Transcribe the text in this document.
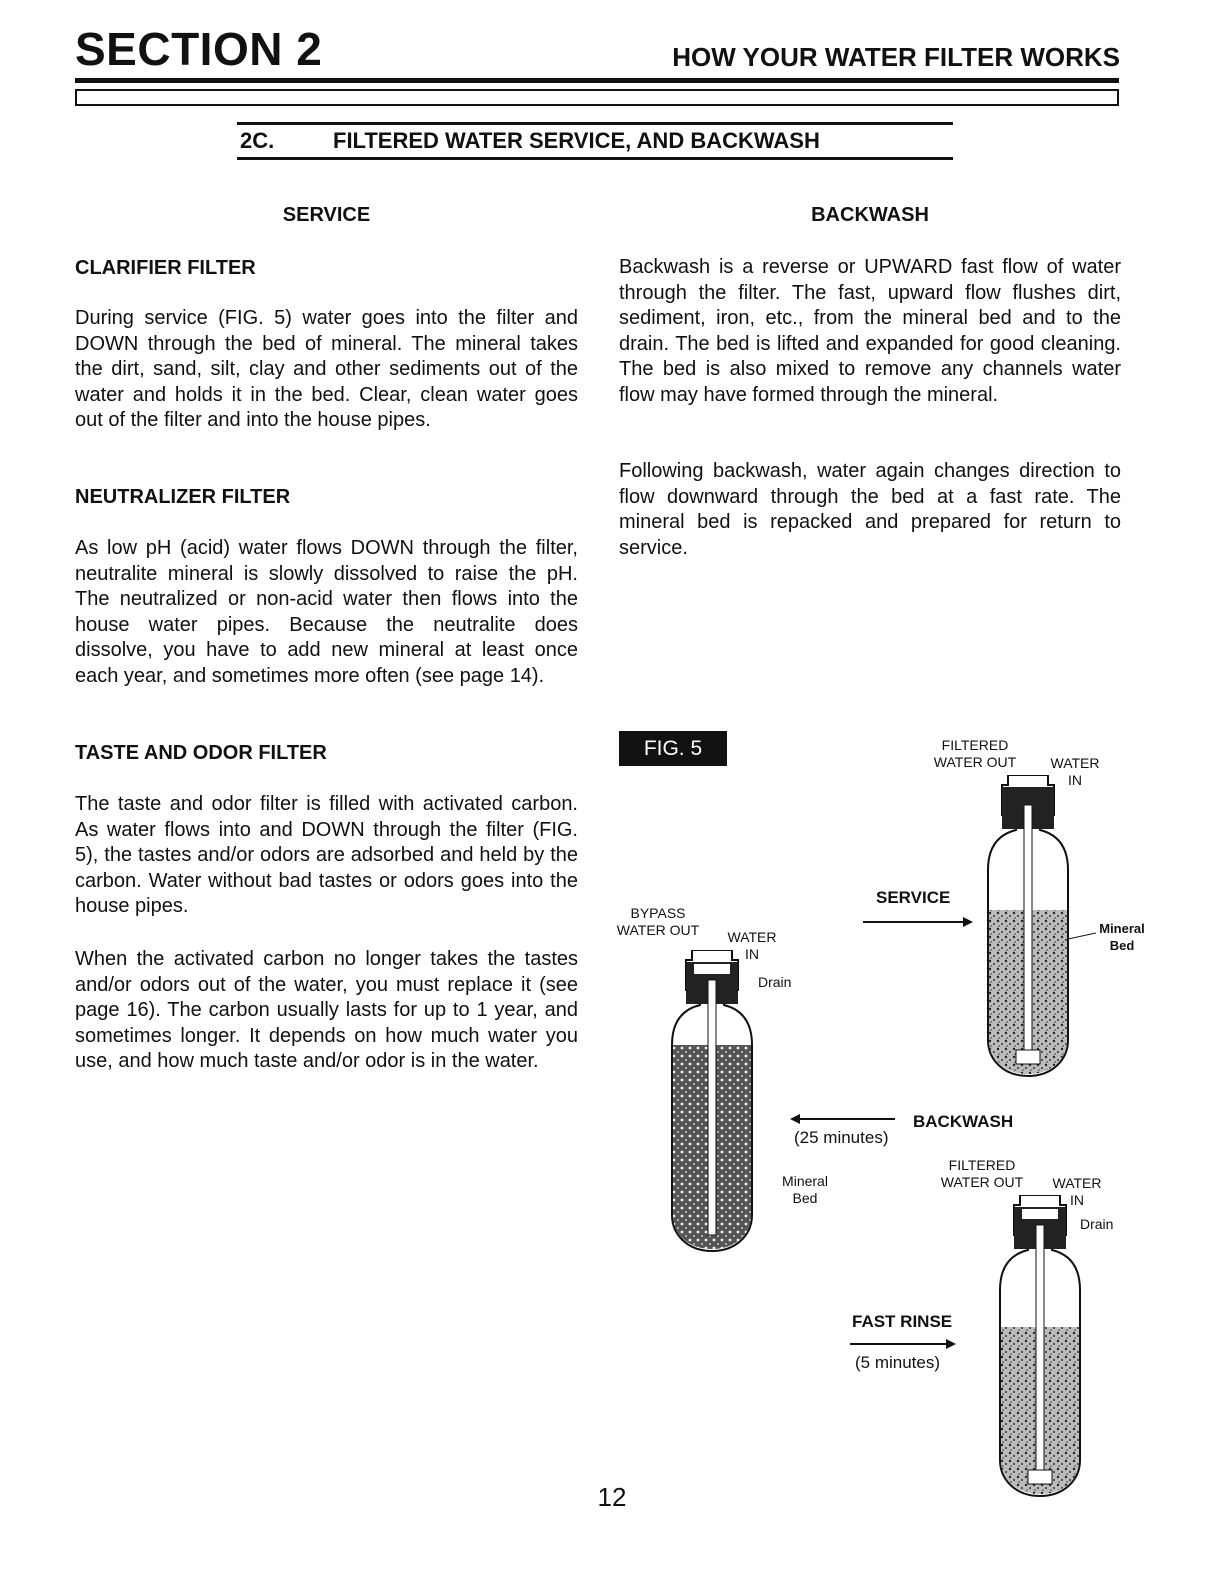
SECTION 2	HOW YOUR WATER FILTER WORKS
2C.	FILTERED WATER SERVICE, AND BACKWASH
SERVICE	BACKWASH
CLARIFIER FILTER
During service (FIG. 5) water goes into the filter and DOWN through the bed of mineral. The mineral takes the dirt, sand, silt, clay and other sediments out of the water and holds it in the bed. Clear, clean water goes out of the filter and into the house pipes.
NEUTRALIZER FILTER
As low pH (acid) water flows DOWN through the filter, neutralite mineral is slowly dissolved to raise the pH. The neutralized or non-acid water then flows into the house water pipes. Because the neutralite does dissolve, you have to add new mineral at least once each year, and sometimes more often (see page 14).
TASTE AND ODOR FILTER
The taste and odor filter is filled with activated carbon. As water flows into and DOWN through the filter (FIG. 5), the tastes and/or odors are adsorbed and held by the carbon. Water without bad tastes or odors goes into the house pipes.
When the activated carbon no longer takes the tastes and/or odors out of the water, you must replace it (see page 16). The carbon usually lasts for up to 1 year, and sometimes longer. It depends on how much water you use, and how much taste and/or odor is in the water.
Backwash is a reverse or UPWARD fast flow of water through the filter. The fast, upward flow flushes dirt, sediment, iron, etc., from the mineral bed and to the drain. The bed is lifted and expanded for good cleaning. The bed is also mixed to remove any channels water flow may have formed through the mineral.
Following backwash, water again changes direction to flow downward through the bed at a fast rate. The mineral bed is repacked and prepared for return to service.
FIG. 5	FILTERED
WATER OUT	WATER
IN
SERVICE
Mineral
Bed
BYPASS
WATER OUT	WATER
IN
Drain
Mineral
Bed
BACKWASH
(25 minutes)
FILTERED
WATER OUT	WATER
IN
Drain
FAST RINSE
(5 minutes)
12
